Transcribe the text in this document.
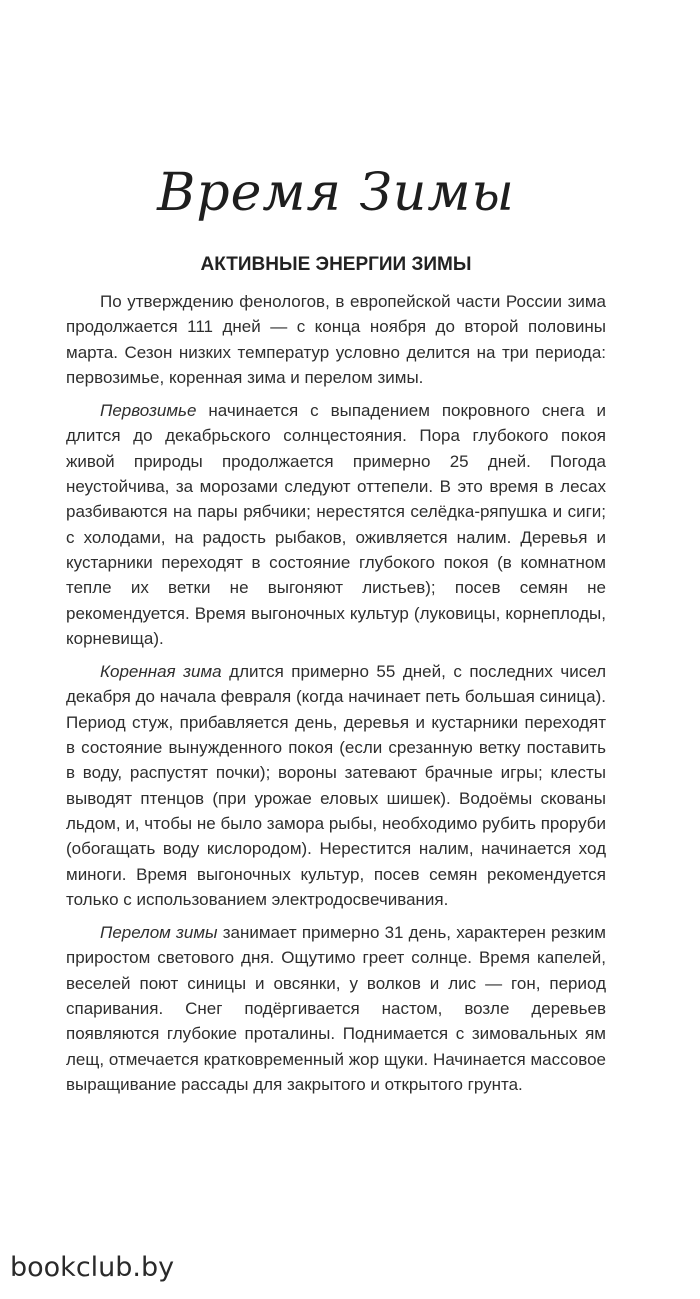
Время Зимы
АКТИВНЫЕ ЭНЕРГИИ ЗИМЫ

По утверждению фенологов, в европейской части России зима продолжается 111 дней — с конца ноября до второй половины марта. Сезон низких температур условно делится на три периода: первозимье, коренная зима и перелом зимы.

Первозимье начинается с выпадением покровного снега и длится до декабрьского солнцестояния. Пора глубокого покоя живой природы продолжается примерно 25 дней. Погода неустойчива, за морозами следуют оттепели. В это время в лесах разбиваются на пары рябчики; нерестятся селёдка-ряпушка и сиги; с холодами, на радость рыбаков, оживляется налим. Деревья и кустарники переходят в состояние глубокого покоя (в комнатном тепле их ветки не выгоняют листьев); посев семян не рекомендуется. Время выгоночных культур (луковицы, корнеплоды, корневища).

Коренная зима длится примерно 55 дней, с последних чисел декабря до начала февраля (когда начинает петь большая синица). Период стуж, прибавляется день, деревья и кустарники переходят в состояние вынужденного покоя (если срезанную ветку поставить в воду, распустят почки); вороны затевают брачные игры; клесты выводят птенцов (при урожае еловых шишек). Водоёмы скованы льдом, и, чтобы не было замора рыбы, необходимо рубить проруби (обогащать воду кислородом). Нерестится налим, начинается ход миноги. Время выгоночных культур, посев семян рекомендуется только с использованием электродосвечивания.

Перелом зимы занимает примерно 31 день, характерен резким приростом светового дня. Ощутимо греет солнце. Время капелей, веселей поют синицы и овсянки, у волков и лис — гон, период спаривания. Снег подёргивается настом, возле деревьев появляются глубокие проталины. Поднимается с зимовальных ям лещ, отмечается кратковременный жор щуки. Начинается массовое выращивание рассады для закрытого и открытого грунта.

bookclub.by
